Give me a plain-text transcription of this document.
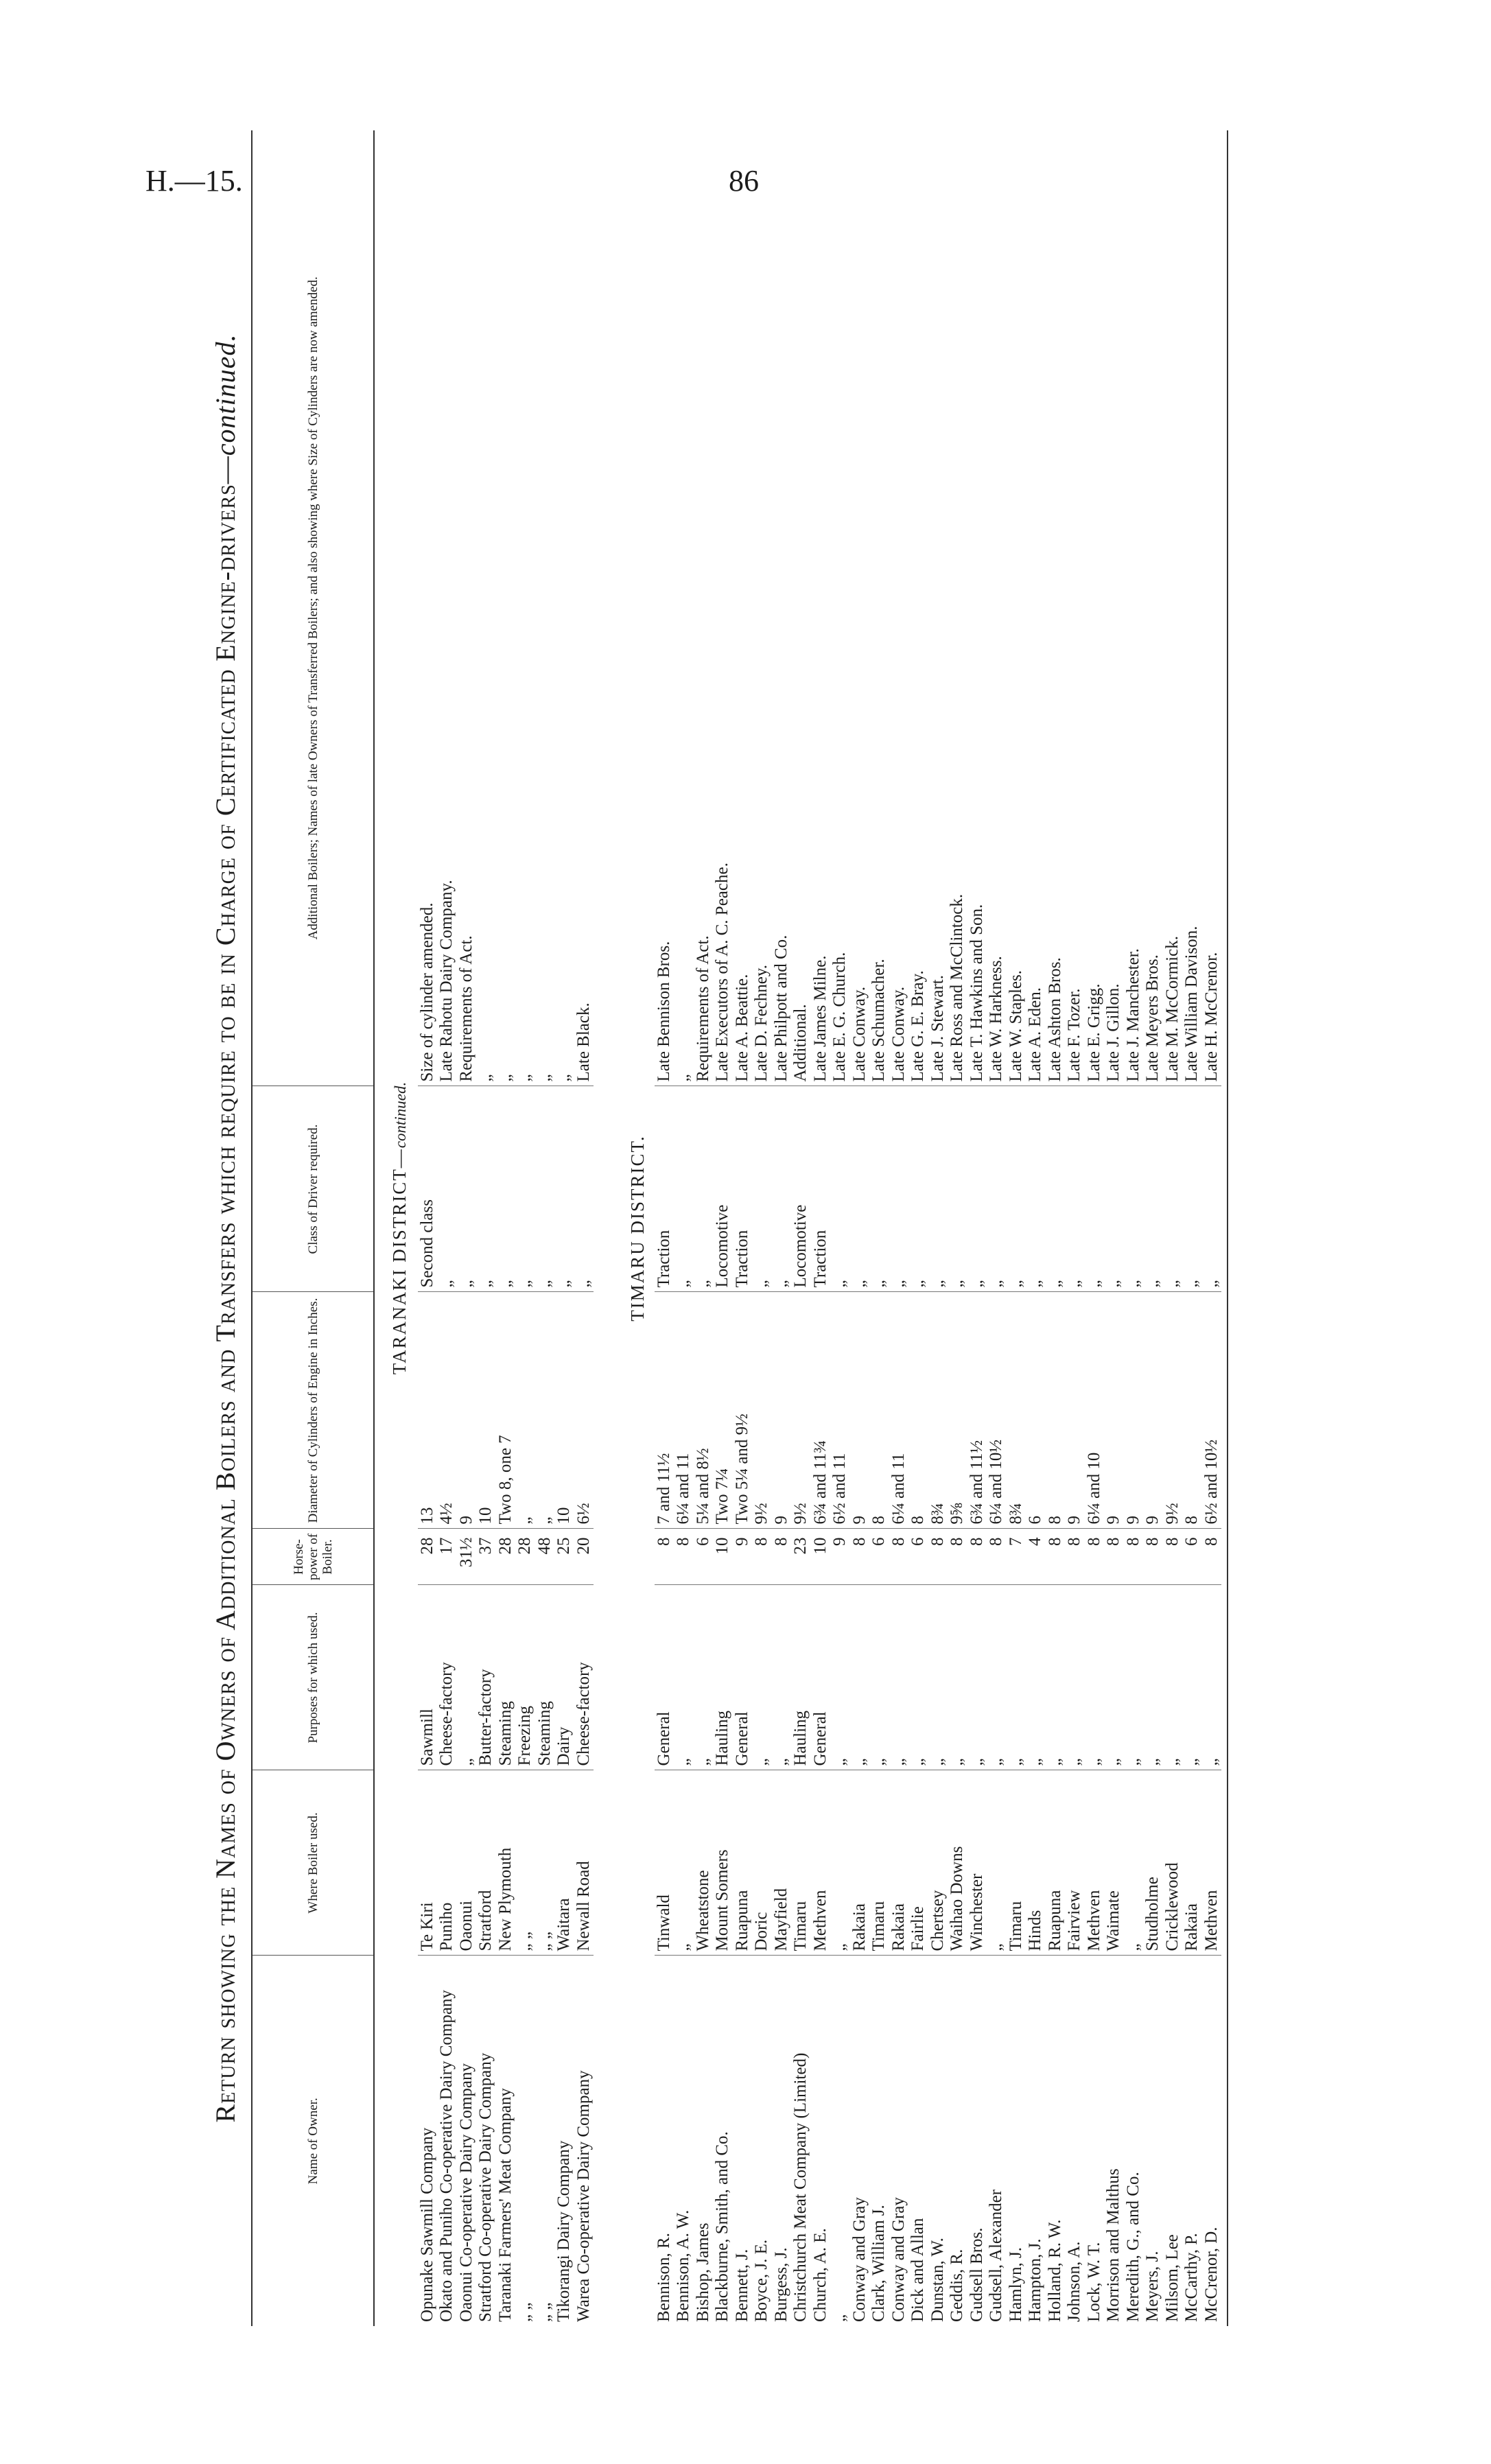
H.—15.	86
Return showing the Names of Owners of Additional Boilers and Transfers which require to be in Charge of Certificated Engine-drivers—continued.
Name of Owner.	Where Boiler used.	Purposes for which used.	Horse-power of Boiler.	Diameter of Cylinders of Engine in Inches.	Class of Driver required.	Additional Boilers; Names of late Owners of Transferred Boilers; and also showing where Size of Cylinders are now amended.
TARANAKI DISTRICT—continued.						
Opunake Sawmill Company	Te Kiri	Sawmill	28	13	Second class	Size of cylinder amended.
Okato and Puniho Co-operative Dairy Company	Puniho	Cheese-factory	17	4½	„	Late Rahotu Dairy Company.
Oaonui Co-operative Dairy Company	Oaonui	„	31½	9	„	Requirements of Act.
Stratford Co-operative Dairy Company	Stratford	Butter-factory	37	10	„	„
Taranaki Farmers' Meat Company	New Plymouth	Steaming	28	Two 8, one 7	„	„
„ „	„ „	Freezing	28	„	„	„
„ „	„ „	Steaming	48	„	„	„
Tikorangi Dairy Company	Waitara	Dairy	25	10	„	„
Warea Co-operative Dairy Company	Newall Road	Cheese-factory	20	6½	„	Late Black.

TIMARU DISTRICT.						
Bennison, R.	Tinwald	General	8	7 and 11½	Traction	Late Bennison Bros.
Bennison, A. W.	„	„	8	6¼ and 11	„	„
Bishop, James	Wheatstone	„	6	5¼ and 8½	„	Requirements of Act.
Blackburne, Smith, and Co.	Mount Somers	Hauling	10	Two 7¼	Locomotive	Late Executors of A. C. Peache.
Bennett, J.	Ruapuna	General	9	Two 5¼ and 9½	Traction	Late A. Beattie.
Boyce, J. E.	Doric	„	8	9½	„	Late D. Fechney.
Burgess, J.	Mayfield	„	8	9	„	Late Philpott and Co.
Christchurch Meat Company (Limited)	Timaru	Hauling	23	9½	Locomotive	Additional.
Church, A. E.	Methven	General	10	6¾ and 11¾	Traction	Late James Milne.
„	„	„	9	6½ and 11	„	Late E. G. Church.
Conway and Gray	Rakaia	„	8	9	„	Late Conway.
Clark, William J.	Timaru	„	6	8	„	Late Schumacher.
Conway and Gray	Rakaia	„	8	6¼ and 11	„	Late Conway.
Dick and Allan	Fairlie	„	6	8	„	Late G. E. Bray.
Dunstan, W.	Chertsey	„	8	8¾	„	Late J. Stewart.
Geddis, R.	Waihao Downs	„	8	9⅝	„	Late Ross and McClintock.
Gudsell Bros.	Winchester	„	8	6¾ and 11½	„	Late T. Hawkins and Son.
Gudsell, Alexander	„	„	8	6¼ and 10½	„	Late W. Harkness.
Hamlyn, J.	Timaru	„	7	8¾	„	Late W. Staples.
Hampton, J.	Hinds	„	4	6	„	Late A. Eden.
Holland, R. W.	Ruapuna	„	8	8	„	Late Ashton Bros.
Johnson, A.	Fairview	„	8	9	„	Late F. Tozer.
Lock, W. T.	Methven	„	8	6¼ and 10	„	Late E. Grigg.
Morrison and Malthus	Waimate	„	8	9	„	Late J. Gillon.
Meredith, G., and Co.	„	„	8	9	„	Late J. Manchester.
Meyers, J.	Studholme	„	8	9	„	Late Meyers Bros.
Milsom, Lee	Cricklewood	„	8	9½	„	Late M. McCormick.
McCarthy, P.	Rakaia	„	6	8	„	Late William Davison.
McCrenor, D.	Methven	„	8	6½ and 10½	„	Late H. McCrenor.
